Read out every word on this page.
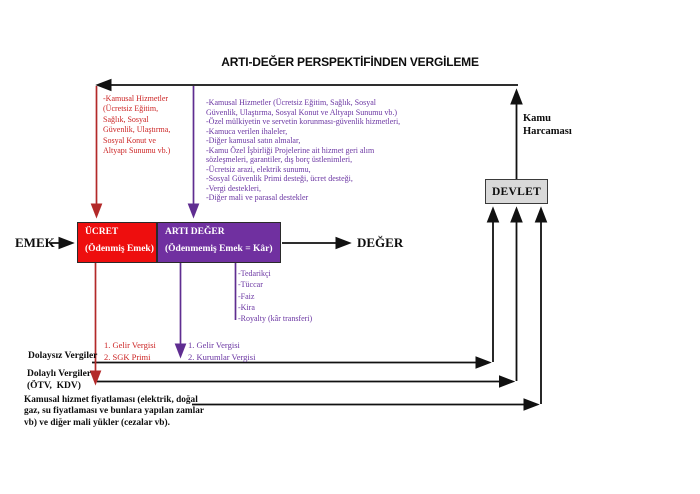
ARTI-DEĞER PERSPEKTİFİNDEN VERGİLEME
EMEK	DEĞER
ÜCRET
(Ödenmiş Emek)
ARTI DEĞER
(Ödenmemiş Emek = Kâr)
DEVLET
Kamu
Harcaması
-Kamusal Hizmetler
(Ücretsiz Eğitim,
Sağlık, Sosyal
Güvenlik, Ulaştırma,
Sosyal Konut ve
Altyapı Sunumu vb.)
-Kamusal Hizmetler (Ücretsiz Eğitim, Sağlık, Sosyal
Güvenlik, Ulaştırma, Sosyal Konut ve Altyapı Sunumu vb.)
-Özel mülkiyetin ve servetin korunması-güvenlik hizmetleri,
-Kamuca verilen ihaleler,
-Diğer kamusal satın almalar,
-Kamu Özel İşbirliği Projelerine ait hizmet geri alım
sözleşmeleri, garantiler, dış borç üstlenimleri,
-Ücretsiz arazi, elektrik sunumu,
-Sosyal Güvenlik Primi desteği, ücret desteği,
-Vergi destekleri,
-Diğer mali ve parasal destekler
-Tedarikçi
-Tüccar
-Faiz
-Kira
-Royalty (kâr transferi)
1. Gelir Vergisi
2. SGK Primi
1. Gelir Vergisi
2. Kurumlar Vergisi
Dolaysız Vergiler
Dolaylı Vergiler
(ÖTV,  KDV)
Kamusal hizmet fiyatlaması (elektrik, doğal
gaz, su fiyatlaması ve bunlara yapılan zamlar
vb) ve diğer mali yükler (cezalar vb).
